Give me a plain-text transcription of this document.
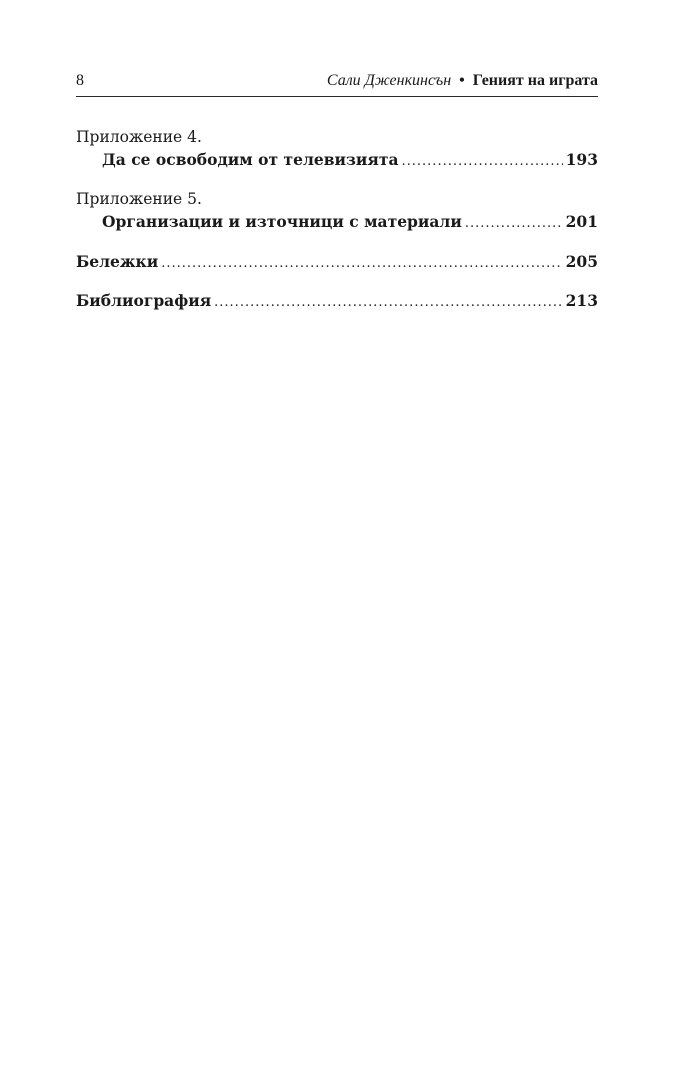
8	Сали Дженкинсън • Геният на играта
Приложение 4.
Да се освободим от телевизията .....	193
Приложение 5.
Организации и източници с материали .....	201
Бележки .....	205
Библиография .....	213
